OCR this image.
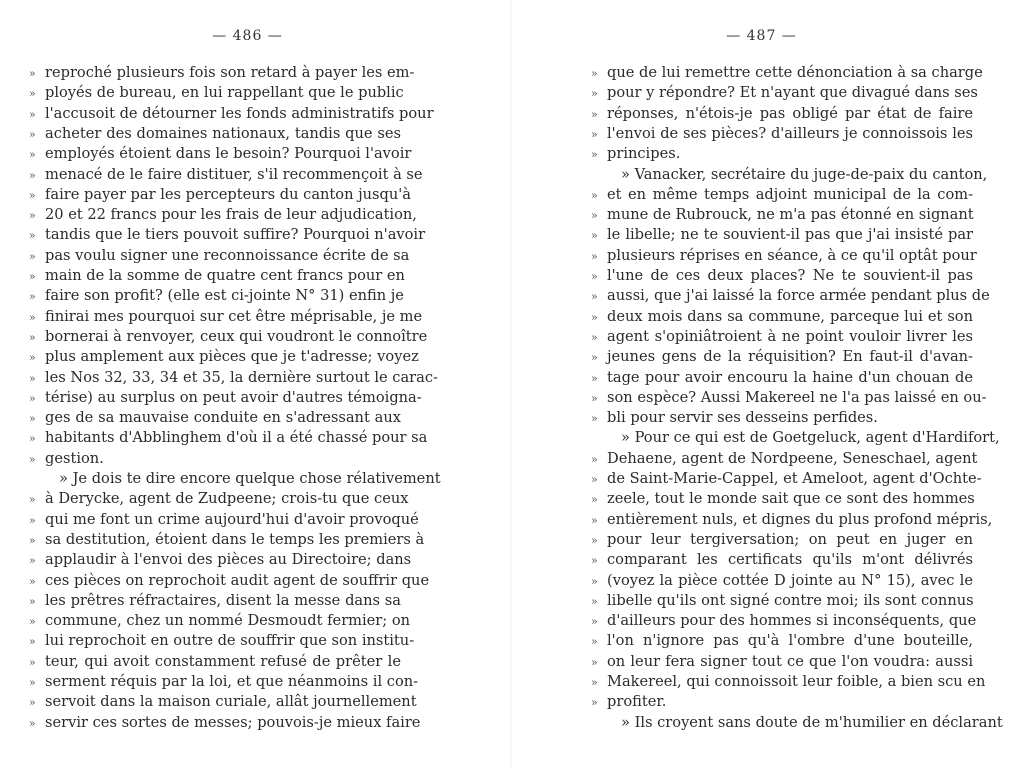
— 486 —
» reproché plusieurs fois son retard à payer les em-
» ployés de bureau, en lui rappellant que le public
» l'accusoit de détourner les fonds administratifs pour
» acheter des domaines nationaux, tandis que ses
» employés étoient dans le besoin? Pourquoi l'avoir
» menacé de le faire distituer, s'il recommençoit à se
» faire payer par les percepteurs du canton jusqu'à
» 20 et 22 francs pour les frais de leur adjudication,
» tandis que le tiers pouvoit suffire? Pourquoi n'avoir
» pas voulu signer une reconnoissance écrite de sa
» main de la somme de quatre cent francs pour en
» faire son profit? (elle est ci-jointe N° 31) enfin je
» finirai mes pourquoi sur cet être méprisable, je me
» bornerai à renvoyer, ceux qui voudront le connoître
» plus amplement aux pièces que je t'adresse; voyez
» les Nos 32, 33, 34 et 35, la dernière surtout le carac-
» térise) au surplus on peut avoir d'autres témoigna-
» ges de sa mauvaise conduite en s'adressant aux
» habitants d'Abblinghem d'où il a été chassé pour sa
» gestion.
» Je dois te dire encore quelque chose rélativement
» à Derycke, agent de Zudpeene; crois-tu que ceux
» qui me font un crime aujourd'hui d'avoir provoqué
» sa destitution, étoient dans le temps les premiers à
» applaudir à l'envoi des pièces au Directoire; dans
» ces pièces on reprochoit audit agent de souffrir que
» les prêtres réfractaires, disent la messe dans sa
» commune, chez un nommé Desmoudt fermier; on
» lui reprochoit en outre de souffrir que son institu-
» teur, qui avoit constamment refusé de prêter le
» serment réquis par la loi, et que néanmoins il con-
» servoit dans la maison curiale, allât journellement
» servir ces sortes de messes; pouvois-je mieux faire
— 487 —
» que de lui remettre cette dénonciation à sa charge
» pour y répondre? Et n'ayant que divagué dans ses
» réponses, n'étois-je pas obligé par état de faire
» l'envoi de ses pièces? d'ailleurs je connoissois les
» principes.
» Vanacker, secrétaire du juge-de-paix du canton,
» et en même temps adjoint municipal de la com-
» mune de Rubrouck, ne m'a pas étonné en signant
» le libelle; ne te souvient-il pas que j'ai insisté par
» plusieurs réprises en séance, à ce qu'il optât pour
» l'une de ces deux places? Ne te souvient-il pas
» aussi, que j'ai laissé la force armée pendant plus de
» deux mois dans sa commune, parceque lui et son
» agent s'opiniâtroient à ne point vouloir livrer les
» jeunes gens de la réquisition? En faut-il d'avan-
» tage pour avoir encouru la haine d'un chouan de
» son espèce? Aussi Makereel ne l'a pas laissé en ou-
» bli pour servir ses desseins perfides.
» Pour ce qui est de Goetgeluck, agent d'Hardifort,
» Dehaene, agent de Nordpeene, Seneschael, agent
» de Saint-Marie-Cappel, et Ameloot, agent d'Ochte-
» zeele, tout le monde sait que ce sont des hommes
» entièrement nuls, et dignes du plus profond mépris,
» pour leur tergiversation; on peut en juger en
» comparant les certificats qu'ils m'ont délivrés
» (voyez la pièce cottée D jointe au N° 15), avec le
» libelle qu'ils ont signé contre moi; ils sont connus
» d'ailleurs pour des hommes si inconséquents, que
» l'on n'ignore pas qu'à l'ombre d'une bouteille,
» on leur fera signer tout ce que l'on voudra: aussi
» Makereel, qui connoissoit leur foible, a bien scu en
» profiter.
» Ils croyent sans doute de m'humilier en déclarant
